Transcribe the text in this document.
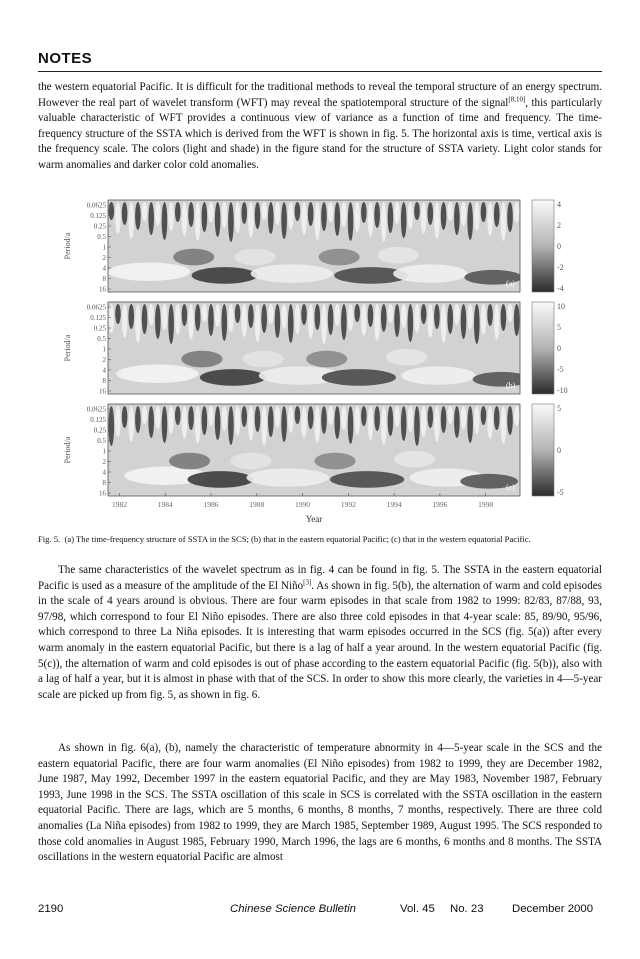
NOTES

the western equatorial Pacific. It is difficult for the traditional methods to reveal the temporal structure of an energy spectrum. However the real part of wavelet transform (WFT) may reveal the spatiotemporal structure of the signal[8,10], this particularly valuable characteristic of WFT provides a continuous view of variance as a function of time and frequency. The time-frequency structure of the SSTA which is derived from the WFT is shown in fig. 5. The horizontal axis is time, vertical axis is the frequency scale. The colors (light and shade) in the figure stand for the structure of SSTA variety. Light color stands for warm anomalies and darker color cold anomalies.

(a)
0.0625
0.125
0.25
0.5
1
2
4
8
16
Period/a
4
2
0
-2
-4
(b)
0.0625
0.125
0.25
0.5
1
2
4
8
16
Period/a
10
5
0
-5
-10
(c)
0.0625
0.125
0.25
0.5
1
2
4
8
16
Period/a
5
0
-5
1982	1984	1986	1988	1990	1992	1994	1996	1998
Year

Fig. 5. (a) The time-frequency structure of SSTA in the SCS; (b) that in the eastern equatorial Pacific; (c) that in the western equatorial Pacific.

The same characteristics of the wavelet spectrum as in fig. 4 can be found in fig. 5. The SSTA in the eastern equatorial Pacific is used as a measure of the amplitude of the El Niño[3]. As shown in fig. 5(b), the alternation of warm and cold episodes in the scale of 4 years around is obvious. There are four warm episodes in that scale from 1982 to 1999: 82/83, 87/88, 93, 97/98, which correspond to four El Niño episodes. There are also three cold episodes in that 4-year scale: 85, 89/90, 95/96, which correspond to three La Niña episodes. It is interesting that warm episodes occurred in the SCS (fig. 5(a)) after every warm anomaly in the eastern equatorial Pacific, but there is a lag of half a year around. In the western equatorial Pacific (fig. 5(c)), the alternation of warm and cold episodes is out of phase according to the eastern equatorial Pacific (fig. 5(b)), also with a lag of half a year, but it is almost in phase with that of the SCS. In order to show this more clearly, the varieties in 4—5-year scale are picked up from fig. 5, as shown in fig. 6.

As shown in fig. 6(a), (b), namely the characteristic of temperature abnormity in 4—5-year scale in the SCS and the eastern equatorial Pacific, there are four warm anomalies (El Niño episodes) from 1982 to 1999, they are December 1982, June 1987, May 1992, December 1997 in the eastern equatorial Pacific, and they are May 1983, November 1987, February 1993, June 1998 in the SCS. The SSTA oscillation of this scale in SCS is correlated with the SSTA oscillation in the eastern equatorial Pacific. There are lags, which are 5 months, 6 months, 8 months, 7 months, respectively. There are three cold anomalies (La Niña episodes) from 1982 to 1999, they are March 1985, September 1989, August 1995. The SCS responded to those cold anomalies in August 1985, February 1990, March 1996, the lags are 6 months, 6 months and 8 months. The SSTA oscillations in the western equatorial Pacific are almost

2190	Chinese Science Bulletin	Vol. 45 No. 23 December 2000
